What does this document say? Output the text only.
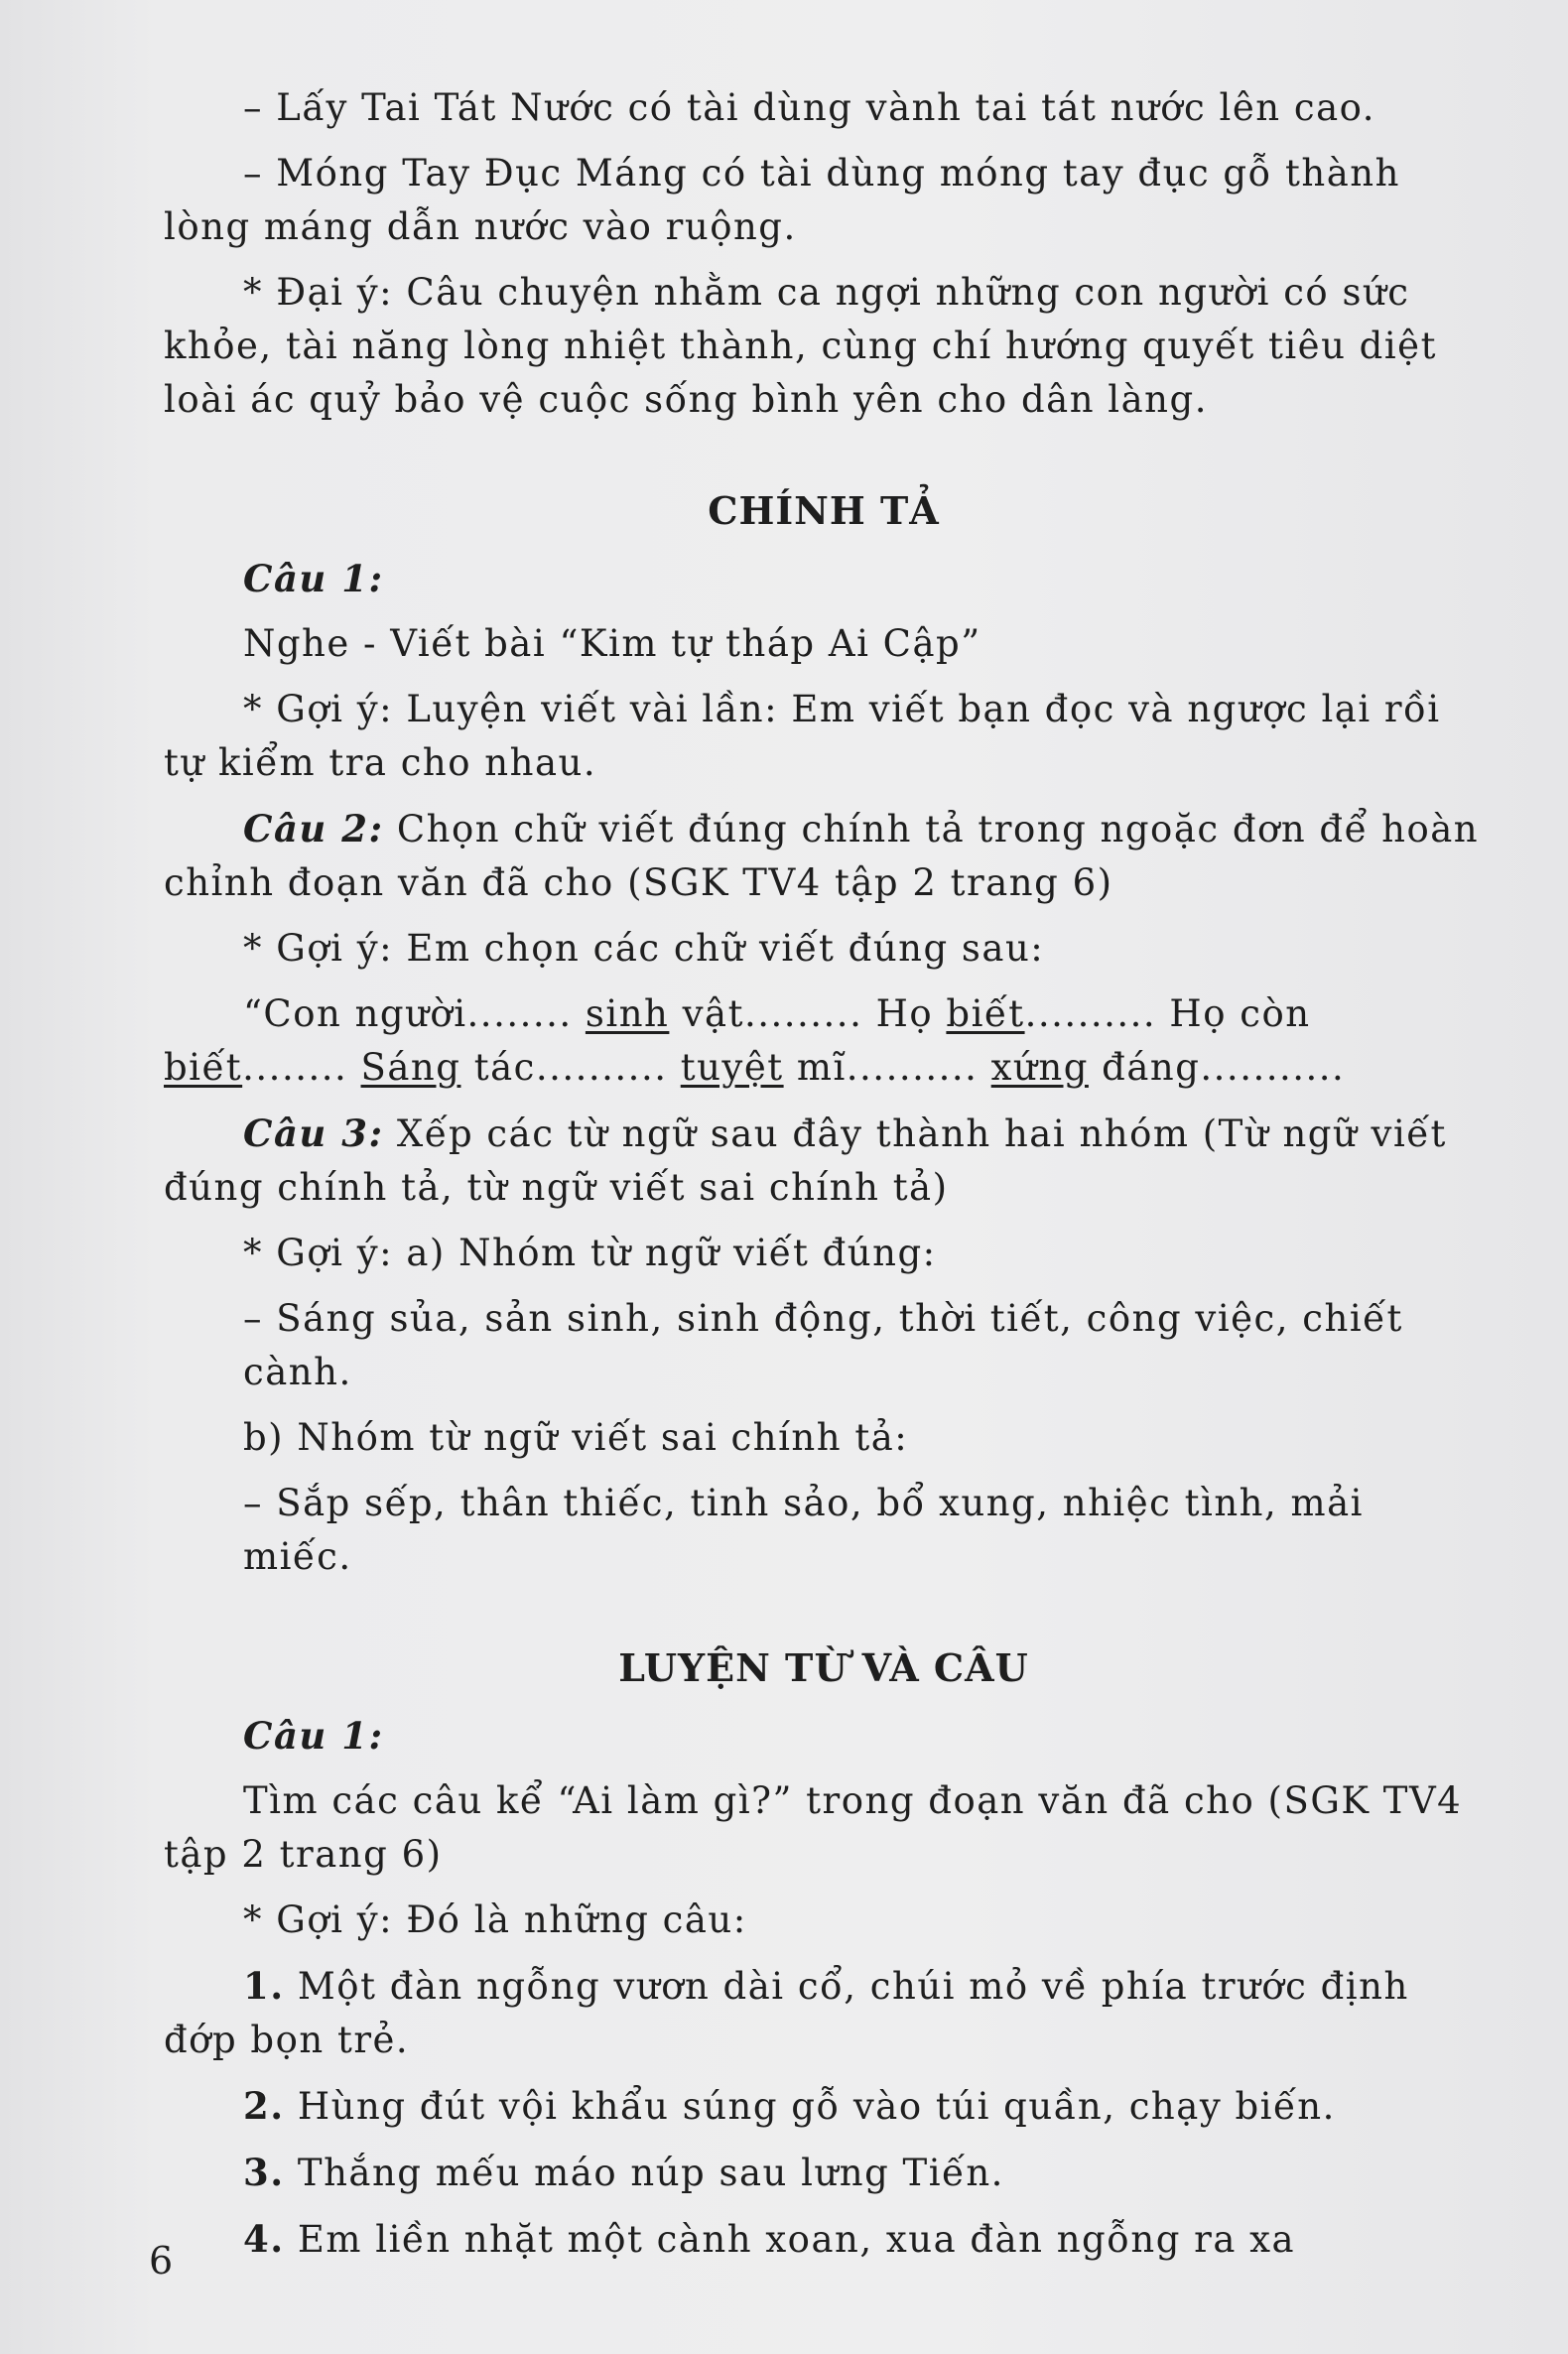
– Lấy Tai Tát Nước có tài dùng vành tai tát nước lên cao.

– Móng Tay Đục Máng có tài dùng móng tay đục gỗ thành lòng máng dẫn nước vào ruộng.

* Đại ý: Câu chuyện nhằm ca ngợi những con người có sức khỏe, tài năng lòng nhiệt thành, cùng chí hướng quyết tiêu diệt loài ác quỷ bảo vệ cuộc sống bình yên cho dân làng.

CHÍNH TẢ

Câu 1:

Nghe - Viết bài “Kim tự tháp Ai Cập”

* Gợi ý: Luyện viết vài lần: Em viết bạn đọc và ngược lại rồi tự kiểm tra cho nhau.

Câu 2: Chọn chữ viết đúng chính tả trong ngoặc đơn để hoàn chỉnh đoạn văn đã cho (SGK TV4 tập 2 trang 6)

* Gợi ý: Em chọn các chữ viết đúng sau:

“Con người........ sinh vật......... Họ biết.......... Họ còn biết........ Sáng tác.......... tuyệt mĩ.......... xứng đáng...........

Câu 3: Xếp các từ ngữ sau đây thành hai nhóm (Từ ngữ viết đúng chính tả, từ ngữ viết sai chính tả)

* Gợi ý: a) Nhóm từ ngữ viết đúng:

– Sáng sủa, sản sinh, sinh động, thời tiết, công việc, chiết cành.

b) Nhóm từ ngữ viết sai chính tả:

– Sắp sếp, thân thiếc, tinh sảo, bổ xung, nhiệc tình, mải miếc.

LUYỆN TỪ VÀ CÂU

Câu 1:

Tìm các câu kể “Ai làm gì?” trong đoạn văn đã cho (SGK TV4 tập 2 trang 6)

* Gợi ý: Đó là những câu:

1. Một đàn ngỗng vươn dài cổ, chúi mỏ về phía trước định đớp bọn trẻ.

2. Hùng đút vội khẩu súng gỗ vào túi quần, chạy biến.

3. Thắng mếu máo núp sau lưng Tiến.

4. Em liền nhặt một cành xoan, xua đàn ngỗng ra xa

6
